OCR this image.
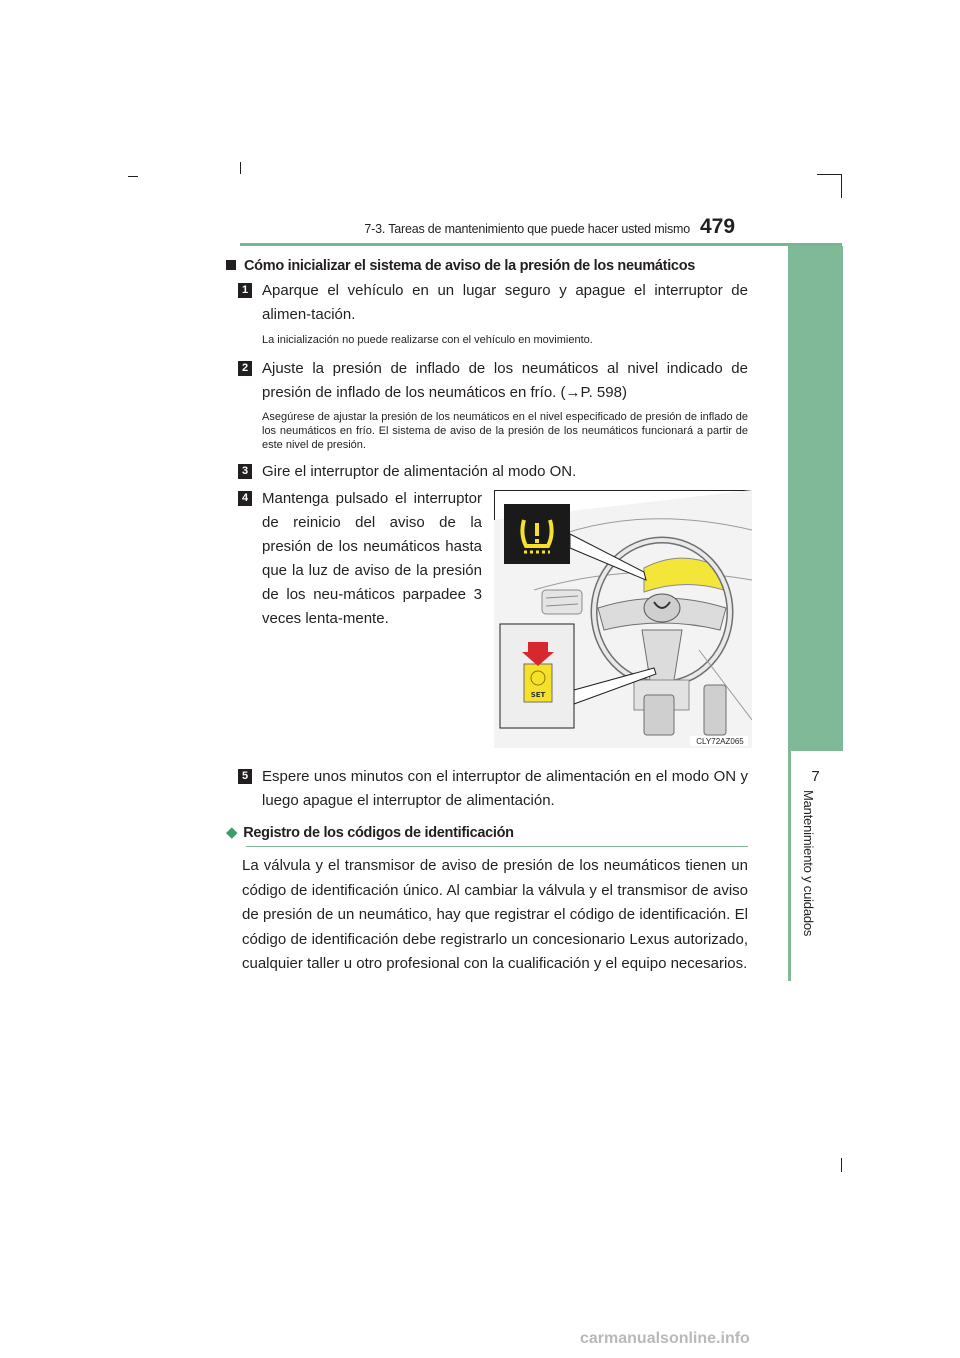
7-3. Tareas de mantenimiento que puede hacer usted mismo 479
7
Mantenimiento y cuidados
Cómo inicializar el sistema de aviso de la presión de los neumáticos
1 Aparque el vehículo en un lugar seguro y apague el interruptor de alimen-tación.
La inicialización no puede realizarse con el vehículo en movimiento.
2 Ajuste la presión de inflado de los neumáticos al nivel indicado de presión de inflado de los neumáticos en frío. (→P. 598)
Asegúrese de ajustar la presión de los neumáticos en el nivel especificado de presión de inflado de los neumáticos en frío. El sistema de aviso de la presión de los neumáticos funcionará a partir de este nivel de presión.
3 Gire el interruptor de alimentación al modo ON.
4 Mantenga pulsado el interruptor de reinicio del aviso de la presión de los neumáticos hasta que la luz de aviso de la presión de los neu-máticos parpadee 3 veces lenta-mente.
SET
CLY72AZ065
5 Espere unos minutos con el interruptor de alimentación en el modo ON y luego apague el interruptor de alimentación.
◆ Registro de los códigos de identificación
La válvula y el transmisor de aviso de presión de los neumáticos tienen un código de identificación único. Al cambiar la válvula y el transmisor de aviso de presión de un neumático, hay que registrar el código de identificación. El código de identificación debe registrarlo un concesionario Lexus autorizado, cualquier taller u otro profesional con la cualificación y el equipo necesarios.
carmanualsonline.info
